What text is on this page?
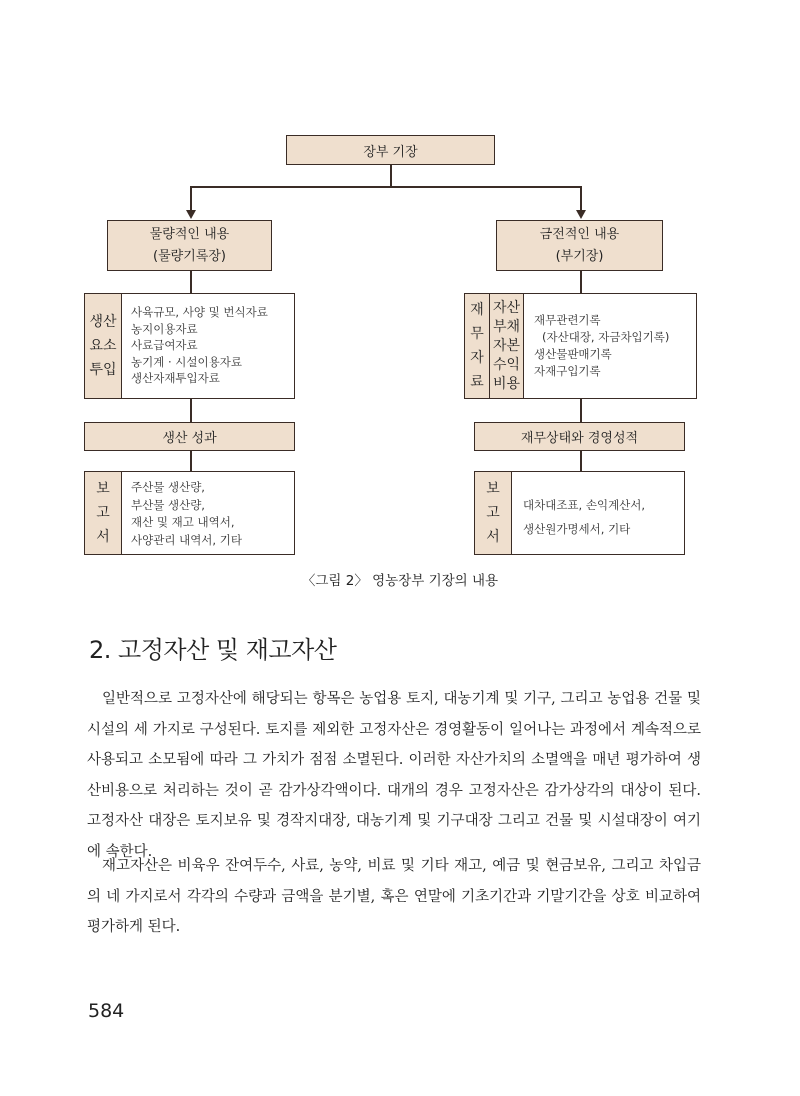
장부 기장
물량적인 내용
(물량기록장)
생산
요소
투입
사육규모, 사양 및 번식자료
농지이용자료
사료급여자료
농기계 · 시설이용자료
생산자재투입자료
생산 성과
보
고
서
주산물 생산량,
부산물 생산량,
재산 및 재고 내역서,
사양관리 내역서, 기타
금전적인 내용
(부기장)
재
무
자
료
자산
부채
자본
수익
비용
재무관련기록
(자산대장, 자금차입기록)
생산물판매기록
자재구입기록
재무상태와 경영성적
보
고
서
대차대조표, 손익계산서,
생산원가명세서, 기타
〈그림 2〉 영농장부 기장의 내용
2. 고정자산 및 재고자산
일반적으로 고정자산에 해당되는 항목은 농업용 토지, 대농기계 및 기구, 그리고 농업용 건물 및 시설의 세 가지로 구성된다. 토지를 제외한 고정자산은 경영활동이 일어나는 과정에서 계속적으로 사용되고 소모됨에 따라 그 가치가 점점 소멸된다. 이러한 자산가치의 소멸액을 매년 평가하여 생산비용으로 처리하는 것이 곧 감가상각액이다. 대개의 경우 고정자산은 감가상각의 대상이 된다. 고정자산 대장은 토지보유 및 경작지대장, 대농기계 및 기구대장 그리고 건물 및 시설대장이 여기에 속한다.
재고자산은 비육우 잔여두수, 사료, 농약, 비료 및 기타 재고, 예금 및 현금보유, 그리고 차입금의 네 가지로서 각각의 수량과 금액을 분기별, 혹은 연말에 기초기간과 기말기간을 상호 비교하여 평가하게 된다.
584
